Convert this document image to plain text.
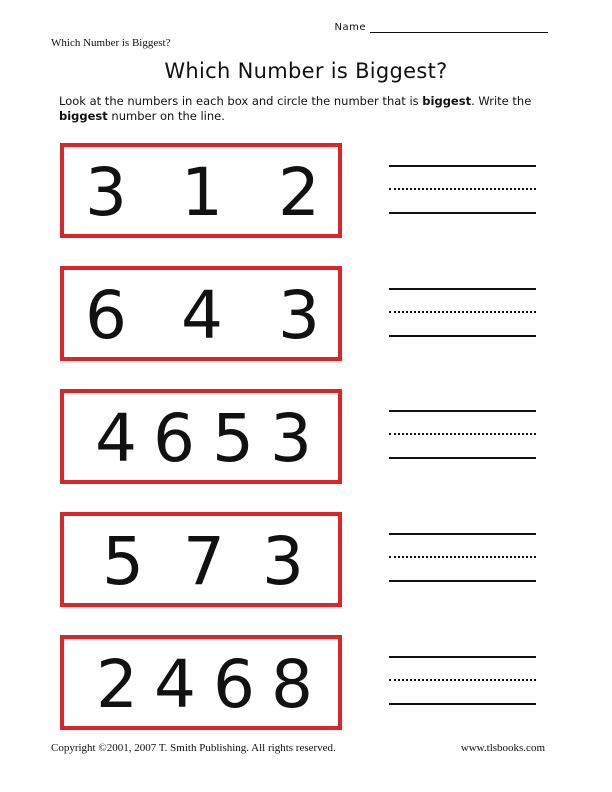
Name
Which Number is Biggest?
Which Number is Biggest?
Look at the numbers in each box and circle the number that is biggest. Write the biggest number on the line.
3 1 2
6 4 3
4 6 5 3
5 7 3
2 4 6 8
Copyright ©2001, 2007 T. Smith Publishing. All rights reserved.	www.tlsbooks.com
